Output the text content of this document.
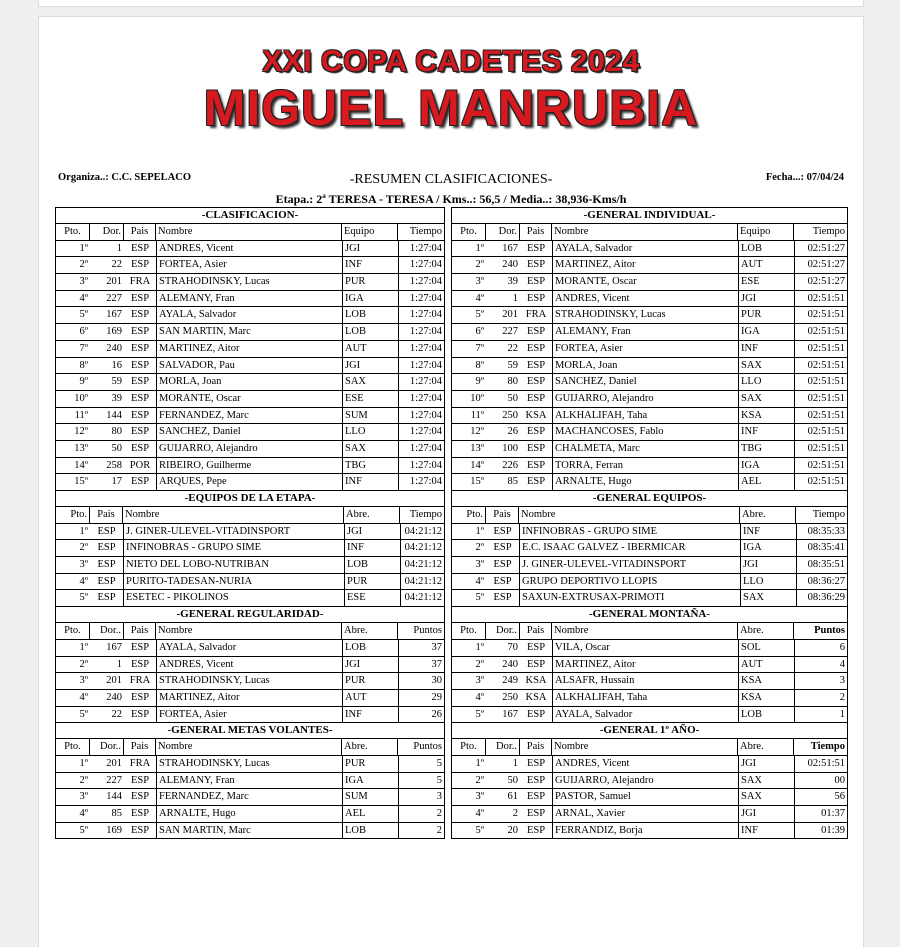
XXI COPA CADETES 2024
MIGUEL MANRUBIA
Organiza..: C.C. SEPELACO	-RESUMEN CLASIFICACIONES-	Fecha...: 07/04/24
Etapa.: 2ª TERESA - TERESA / Kms..: 56,5 / Media..: 38,936-Kms/h
-CLASIFICACION-
Pto.	Dor. Pais Nombre	Equipo	Tiempo
1º	1 ESP ANDRES, Vicent	JGI	1:27:04
2º	22 ESP FORTEA, Asier	INF	1:27:04
3º	201 FRA STRAHODINSKY, Lucas	PUR	1:27:04
4º	227 ESP ALEMANY, Fran	IGA	1:27:04
5º	167 ESP AYALA, Salvador	LOB	1:27:04
6º	169 ESP SAN MARTIN, Marc	LOB	1:27:04
7º	240 ESP MARTINEZ, Aitor	AUT	1:27:04
8º	16 ESP SALVADOR, Pau	JGI	1:27:04
9º	59 ESP MORLA, Joan	SAX	1:27:04
10º	39 ESP MORANTE, Oscar	ESE	1:27:04
11º	144 ESP FERNANDEZ, Marc	SUM	1:27:04
12º	80 ESP SANCHEZ, Daniel	LLO	1:27:04
13º	50 ESP GUIJARRO, Alejandro	SAX	1:27:04
14º	258 POR RIBEIRO, Guilherme	TBG	1:27:04
15º	17 ESP ARQUES, Pepe	INF	1:27:04
-EQUIPOS DE LA ETAPA-
Pto. Pais Nombre	Abre.	Tiempo
1º ESP J. GINER-ULEVEL-VITADINSPORT	JGI	04:21:12
2º ESP INFINOBRAS - GRUPO SIME	INF	04:21:12
3º ESP NIETO DEL LOBO-NUTRIBAN	LOB	04:21:12
4º ESP PURITO-TADESAN-NURIA	PUR	04:21:12
5º ESP ESETEC - PIKOLINOS	ESE	04:21:12
-GENERAL REGULARIDAD-
Pto.	Dor.. Pais Nombre	Abre.	Puntos
1º	167 ESP AYALA, Salvador	LOB	37
2º	1 ESP ANDRES, Vicent	JGI	37
3º	201 FRA STRAHODINSKY, Lucas	PUR	30
4º	240 ESP MARTINEZ, Aitor	AUT	29
5º	22 ESP FORTEA, Asier	INF	26
-GENERAL METAS VOLANTES-
Pto.	Dor.. Pais Nombre	Abre.	Puntos
1º	201 FRA STRAHODINSKY, Lucas	PUR	5
2º	227 ESP ALEMANY, Fran	IGA	5
3º	144 ESP FERNANDEZ, Marc	SUM	3
4º	85 ESP ARNALTE, Hugo	AEL	2
5º	169 ESP SAN MARTIN, Marc	LOB	2
-GENERAL INDIVIDUAL-
Pto.	Dor. Pais Nombre	Equipo	Tiempo
1º	167 ESP AYALA, Salvador	LOB	02:51:27
2º	240 ESP MARTINEZ, Aitor	AUT	02:51:27
3º	39 ESP MORANTE, Oscar	ESE	02:51:27
4º	1 ESP ANDRES, Vicent	JGI	02:51:51
5º	201 FRA STRAHODINSKY, Lucas	PUR	02:51:51
6º	227 ESP ALEMANY, Fran	IGA	02:51:51
7º	22 ESP FORTEA, Asier	INF	02:51:51
8º	59 ESP MORLA, Joan	SAX	02:51:51
9º	80 ESP SANCHEZ, Daniel	LLO	02:51:51
10º	50 ESP GUIJARRO, Alejandro	SAX	02:51:51
11º	250 KSA ALKHALIFAH, Taha	KSA	02:51:51
12º	26 ESP MACHANCOSES, Fablo	INF	02:51:51
13º	100 ESP CHALMETA, Marc	TBG	02:51:51
14º	226 ESP TORRA, Ferran	IGA	02:51:51
15º	85 ESP ARNALTE, Hugo	AEL	02:51:51
-GENERAL EQUIPOS-
Pto. Pais Nombre	Abre.	Tiempo
1º ESP INFINOBRAS - GRUPO SIME	INF	08:35:33
2º ESP E.C. ISAAC GALVEZ - IBERMICAR	IGA	08:35:41
3º ESP J. GINER-ULEVEL-VITADINSPORT	JGI	08:35:51
4º ESP GRUPO DEPORTIVO LLOPIS	LLO	08:36:27
5º ESP SAXUN-EXTRUSAX-PRIMOTI	SAX	08:36:29
-GENERAL MONTAÑA-
Pto.	Dor.. Pais Nombre	Abre.	Puntos
1º	70 ESP VILA, Oscar	SOL	6
2º	240 ESP MARTINEZ, Aitor	AUT	4
3º	249 KSA ALSAFR, Hussain	KSA	3
4º	250 KSA ALKHALIFAH, Taha	KSA	2
5º	167 ESP AYALA, Salvador	LOB	1
-GENERAL 1º AÑO-
Pto.	Dor.. Pais Nombre	Abre.	Tiempo
1º	1 ESP ANDRES, Vicent	JGI	02:51:51
2º	50 ESP GUIJARRO, Alejandro	SAX	00
3º	61 ESP PASTOR, Samuel	SAX	56
4º	2 ESP ARNAL, Xavier	JGI	01:37
5º	20 ESP FERRANDIZ, Borja	INF	01:39
